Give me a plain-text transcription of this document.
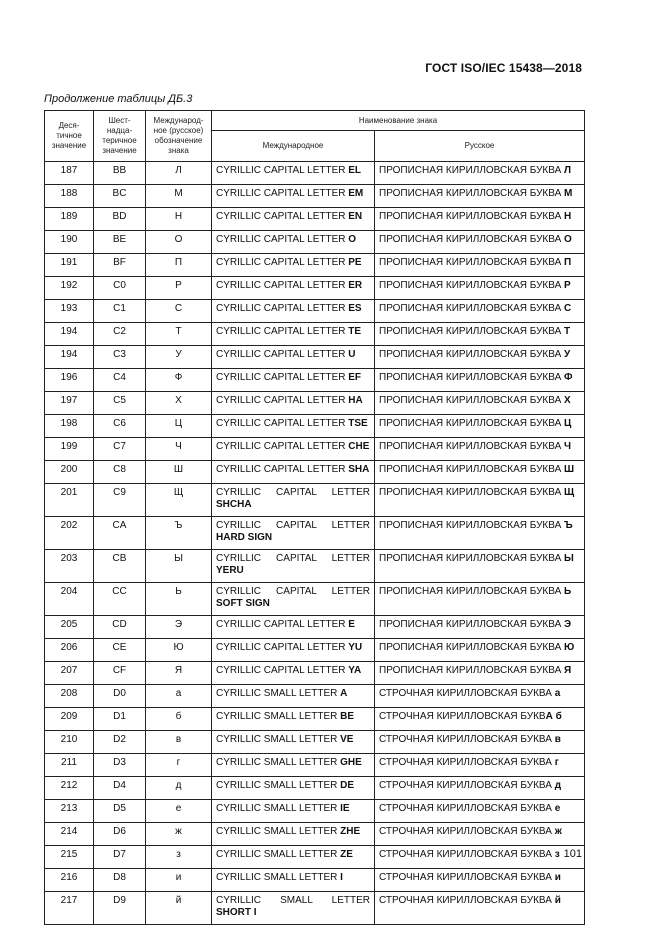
ГОСТ ISO/IEC 15438—2018
Продолжение таблицы ДБ.3
Деся-
тичное
значение	Шест-
надца-
теричное
значение	Международ-
ное (русское)
обозначение
знака	Наименование знака	
			Международное	Русское
187	BB	Л	CYRILLIC CAPITAL LETTER EL	ПРОПИСНАЯ КИРИЛЛОВСКАЯ БУКВА Л
188	BC	М	CYRILLIC CAPITAL LETTER EM	ПРОПИСНАЯ КИРИЛЛОВСКАЯ БУКВА М
189	BD	Н	CYRILLIC CAPITAL LETTER EN	ПРОПИСНАЯ КИРИЛЛОВСКАЯ БУКВА Н
190	BE	О	CYRILLIC CAPITAL LETTER O	ПРОПИСНАЯ КИРИЛЛОВСКАЯ БУКВА О
191	BF	П	CYRILLIC CAPITAL LETTER PE	ПРОПИСНАЯ КИРИЛЛОВСКАЯ БУКВА П
192	C0	Р	CYRILLIC CAPITAL LETTER ER	ПРОПИСНАЯ КИРИЛЛОВСКАЯ БУКВА Р
193	C1	С	CYRILLIC CAPITAL LETTER ES	ПРОПИСНАЯ КИРИЛЛОВСКАЯ БУКВА С
194	C2	Т	CYRILLIC CAPITAL LETTER TE	ПРОПИСНАЯ КИРИЛЛОВСКАЯ БУКВА Т
194	C3	У	CYRILLIC CAPITAL LETTER U	ПРОПИСНАЯ КИРИЛЛОВСКАЯ БУКВА У
196	C4	Ф	CYRILLIC CAPITAL LETTER EF	ПРОПИСНАЯ КИРИЛЛОВСКАЯ БУКВА Ф
197	C5	Х	CYRILLIC CAPITAL LETTER HA	ПРОПИСНАЯ КИРИЛЛОВСКАЯ БУКВА Х
198	C6	Ц	CYRILLIC CAPITAL LETTER TSE	ПРОПИСНАЯ КИРИЛЛОВСКАЯ БУКВА Ц
199	C7	Ч	CYRILLIC CAPITAL LETTER CHE	ПРОПИСНАЯ КИРИЛЛОВСКАЯ БУКВА Ч
200	C8	Ш	CYRILLIC CAPITAL LETTER SHA	ПРОПИСНАЯ КИРИЛЛОВСКАЯ БУКВА Ш
201	C9	Щ	CYRILLIC CAPITAL LETTER SHCHA	ПРОПИСНАЯ КИРИЛЛОВСКАЯ БУКВА Щ
202	CA	Ъ	CYRILLIC CAPITAL LETTER HARD SIGN	ПРОПИСНАЯ КИРИЛЛОВСКАЯ БУКВА Ъ
203	CB	Ы	CYRILLIC CAPITAL LETTER YERU	ПРОПИСНАЯ КИРИЛЛОВСКАЯ БУКВА Ы
204	CC	Ь	CYRILLIC CAPITAL LETTER SOFT SIGN	ПРОПИСНАЯ КИРИЛЛОВСКАЯ БУКВА Ь
205	CD	Э	CYRILLIC CAPITAL LETTER E	ПРОПИСНАЯ КИРИЛЛОВСКАЯ БУКВА Э
206	CE	Ю	CYRILLIC CAPITAL LETTER YU	ПРОПИСНАЯ КИРИЛЛОВСКАЯ БУКВА Ю
207	CF	Я	CYRILLIC CAPITAL LETTER YA	ПРОПИСНАЯ КИРИЛЛОВСКАЯ БУКВА Я
208	D0	а	CYRILLIC SMALL LETTER A	СТРОЧНАЯ КИРИЛЛОВСКАЯ БУКВА а
209	D1	б	CYRILLIC SMALL LETTER BE	СТРОЧНАЯ КИРИЛЛОВСКАЯ БУКВА б
210	D2	в	CYRILLIC SMALL LETTER VE	СТРОЧНАЯ КИРИЛЛОВСКАЯ БУКВА в
211	D3	г	CYRILLIC SMALL LETTER GHE	СТРОЧНАЯ КИРИЛЛОВСКАЯ БУКВА г
212	D4	д	CYRILLIC SMALL LETTER DE	СТРОЧНАЯ КИРИЛЛОВСКАЯ БУКВА д
213	D5	е	CYRILLIC SMALL LETTER IE	СТРОЧНАЯ КИРИЛЛОВСКАЯ БУКВА е
214	D6	ж	CYRILLIC SMALL LETTER ZHE	СТРОЧНАЯ КИРИЛЛОВСКАЯ БУКВА ж
215	D7	з	CYRILLIC SMALL LETTER ZE	СТРОЧНАЯ КИРИЛЛОВСКАЯ БУКВА з
216	D8	и	CYRILLIC SMALL LETTER I	СТРОЧНАЯ КИРИЛЛОВСКАЯ БУКВА и
217	D9	й	CYRILLIC SMALL LETTER SHORT I	СТРОЧНАЯ КИРИЛЛОВСКАЯ БУКВА й
101
